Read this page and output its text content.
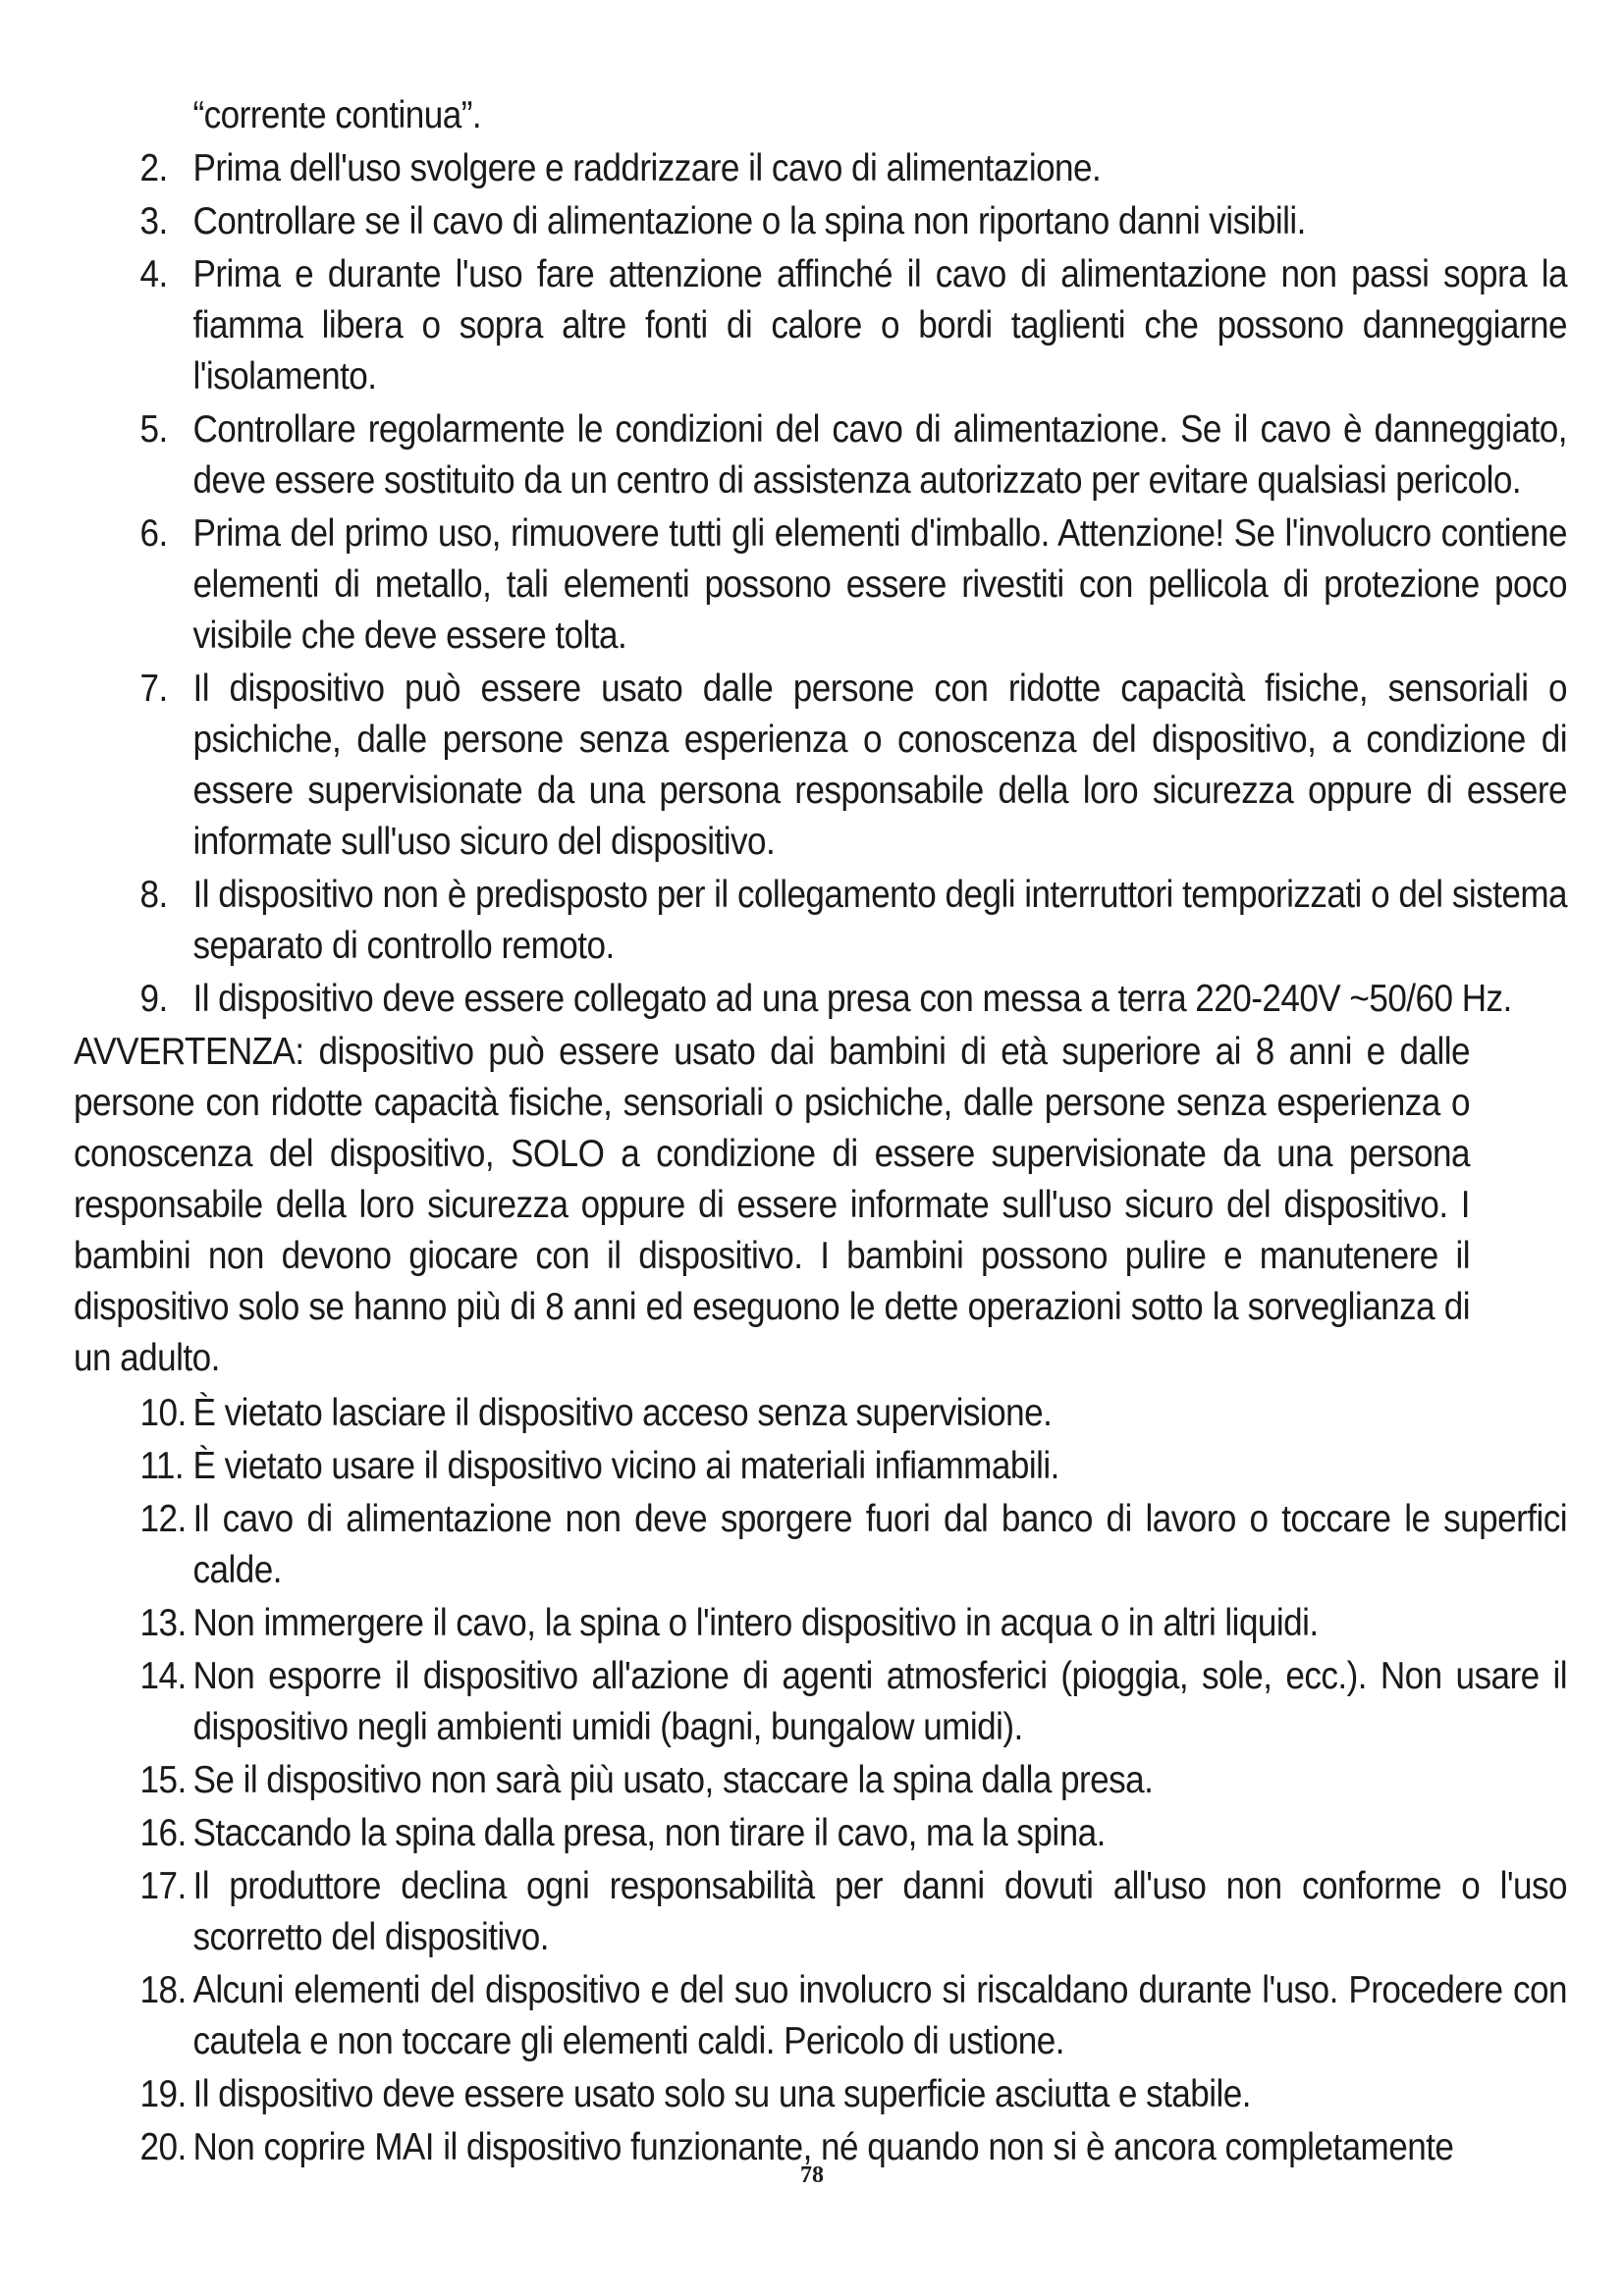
“corrente continua”.
2. Prima dell'uso svolgere e raddrizzare il cavo di alimentazione.
3. Controllare se il cavo di alimentazione o la spina non riportano danni visibili.
4. Prima e durante l'uso fare attenzione affinché il cavo di alimentazione non passi sopra la fiamma libera o sopra altre fonti di calore o bordi taglienti che possono danneggiarne l'isolamento.
5. Controllare regolarmente le condizioni del cavo di alimentazione. Se il cavo è danneggiato, deve essere sostituito da un centro di assistenza autorizzato per evitare qualsiasi pericolo.
6. Prima del primo uso, rimuovere tutti gli elementi d'imballo. Attenzione! Se l'involucro contiene elementi di metallo, tali elementi possono essere rivestiti con pellicola di protezione poco visibile che deve essere tolta.
7. Il dispositivo può essere usato dalle persone con ridotte capacità fisiche, sensoriali o psichiche, dalle persone senza esperienza o conoscenza del dispositivo, a condizione di essere supervisionate da una persona responsabile della loro sicurezza oppure di essere informate sull'uso sicuro del dispositivo.
8. Il dispositivo non è predisposto per il collegamento degli interruttori temporizzati o del sistema separato di controllo remoto.
9. Il dispositivo deve essere collegato ad una presa con messa a terra 220-240V ~50/60 Hz.

AVVERTENZA: dispositivo può essere usato dai bambini di età superiore ai 8 anni e dalle persone con ridotte capacità fisiche, sensoriali o psichiche, dalle persone senza esperienza o conoscenza del dispositivo, SOLO a condizione di essere supervisionate da una persona responsabile della loro sicurezza oppure di essere informate sull'uso sicuro del dispositivo. I bambini non devono giocare con il dispositivo. I bambini possono pulire e manutenere il dispositivo solo se hanno più di 8 anni ed eseguono le dette operazioni sotto la sorveglianza di un adulto.

10. È vietato lasciare il dispositivo acceso senza supervisione.
11. È vietato usare il dispositivo vicino ai materiali infiammabili.
12. Il cavo di alimentazione non deve sporgere fuori dal banco di lavoro o toccare le superfici calde.
13. Non immergere il cavo, la spina o l'intero dispositivo in acqua o in altri liquidi.
14. Non esporre il dispositivo all'azione di agenti atmosferici (pioggia, sole, ecc.). Non usare il dispositivo negli ambienti umidi (bagni, bungalow umidi).
15. Se il dispositivo non sarà più usato, staccare la spina dalla presa.
16. Staccando la spina dalla presa, non tirare il cavo, ma la spina.
17. Il produttore declina ogni responsabilità per danni dovuti all'uso non conforme o l'uso scorretto del dispositivo.
18. Alcuni elementi del dispositivo e del suo involucro si riscaldano durante l'uso. Procedere con cautela e non toccare gli elementi caldi. Pericolo di ustione.
19. Il dispositivo deve essere usato solo su una superficie asciutta e stabile.
20. Non coprire MAI il dispositivo funzionante, né quando non si è ancora completamente
78
